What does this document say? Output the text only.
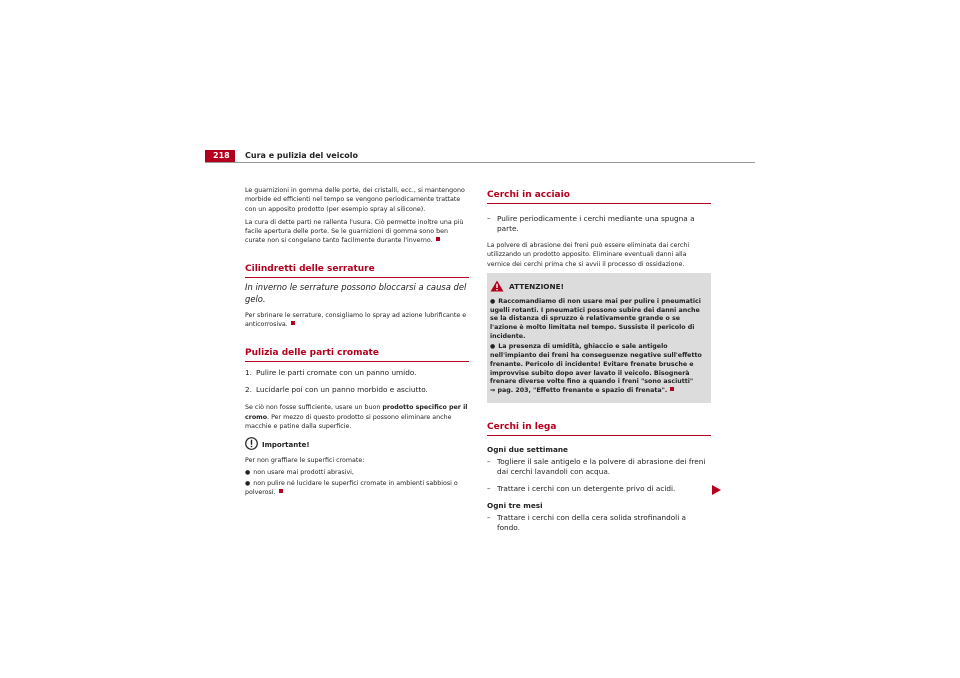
218	Cura e pulizia del veicolo

Le guarnizioni in gomma delle porte, dei cristalli, ecc., si mantengono morbide ed efficienti nel tempo se vengono periodicamente trattate con un apposito prodotto (per esempio spray al silicone).

La cura di dette parti ne rallenta l'usura. Ciò permette inoltre una più facile apertura delle porte. Se le guarnizioni di gomma sono ben curate non si congelano tanto facilmente durante l'inverno.

Cilindretti delle serrature
In inverno le serrature possono bloccarsi a causa del gelo.

Per sbrinare le serrature, consigliamo lo spray ad azione lubrificante e anticorrosiva.

Pulizia delle parti cromate
1. Pulire le parti cromate con un panno umido.
2. Lucidarle poi con un panno morbido e asciutto.

Se ciò non fosse sufficiente, usare un buon prodotto specifico per il cromo. Per mezzo di questo prodotto si possono eliminare anche macchie e patine dalla superficie.

Importante!

Per non graffiare le superfici cromate:

● non usare mai prodotti abrasivi,

● non pulire né lucidare le superfici cromate in ambienti sabbiosi o polverosi.

Cerchi in acciaio
– Pulire periodicamente i cerchi mediante una spugna a parte.

La polvere di abrasione dei freni può essere eliminata dai cerchi utilizzando un prodotto apposito. Eliminare eventuali danni alla vernice dei cerchi prima che si avvii il processo di ossidazione.

ATTENZIONE!

● Raccomandiamo di non usare mai per pulire i pneumatici ugelli rotanti. I pneumatici possono subire dei danni anche se la distanza di spruzzo è relativamente grande o se l'azione è molto limitata nel tempo. Sussiste il pericolo di incidente.

● La presenza di umidità, ghiaccio e sale antigelo nell'impianto dei freni ha conseguenze negative sull'effetto frenante. Pericolo di incidente! Evitare frenate brusche e improvvise subito dopo aver lavato il veicolo. Bisognerà frenare diverse volte fino a quando i freni "sono asciutti"
⇒ pag. 203, "Effetto frenante e spazio di frenata".

Cerchi in lega
Ogni due settimane
– Togliere il sale antigelo e la polvere di abrasione dei freni dai cerchi lavandoli con acqua.
– Trattare i cerchi con un detergente privo di acidi.
Ogni tre mesi
– Trattare i cerchi con della cera solida strofinandoli a fondo.
